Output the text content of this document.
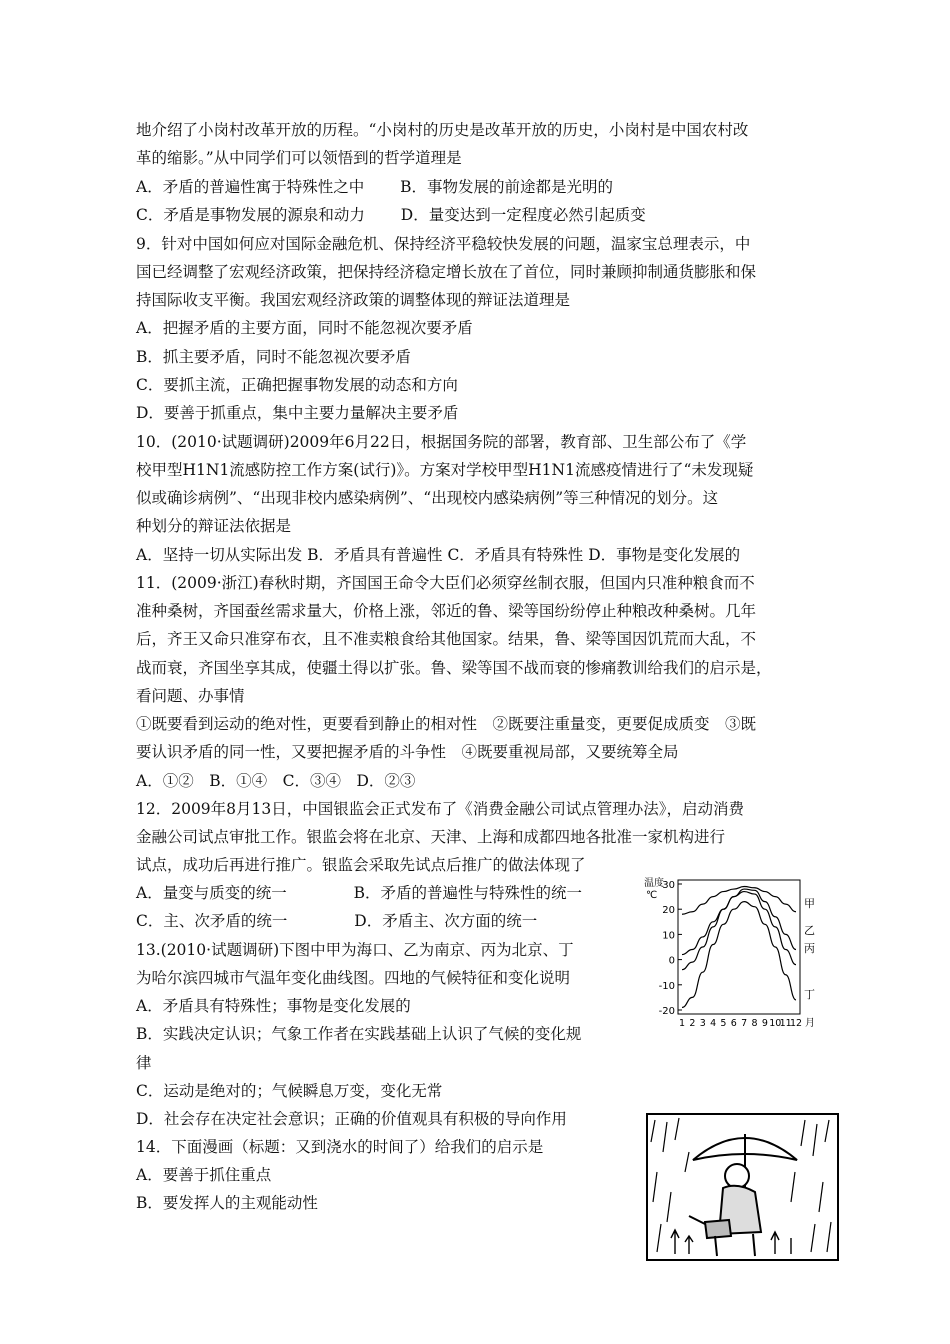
地介绍了小岗村改革开放的历程。“小岗村的历史是改革开放的历史，小岗村是中国农村改
革的缩影。”从中同学们可以领悟到的哲学道理是
A．矛盾的普遍性寓于特殊性之中　　 B．事物发展的前途都是光明的
C．矛盾是事物发展的源泉和动力　　 D．量变达到一定程度必然引起质变
9．针对中国如何应对国际金融危机、保持经济平稳较快发展的问题，温家宝总理表示，中
国已经调整了宏观经济政策，把保持经济稳定增长放在了首位，同时兼顾抑制通货膨胀和保
持国际收支平衡。我国宏观经济政策的调整体现的辩证法道理是
A．把握矛盾的主要方面，同时不能忽视次要矛盾
B．抓主要矛盾，同时不能忽视次要矛盾
C．要抓主流，正确把握事物发展的动态和方向
D．要善于抓重点，集中主要力量解决主要矛盾
10．(2010·试题调研)2009年6月22日，根据国务院的部署，教育部、卫生部公布了《学
校甲型H1N1流感防控工作方案(试行)》。方案对学校甲型H1N1流感疫情进行了“未发现疑
似或确诊病例”、“出现非校内感染病例”、“出现校内感染病例”等三种情况的划分。这
种划分的辩证法依据是
A．坚持一切从实际出发 B．矛盾具有普遍性 C．矛盾具有特殊性 D．事物是变化发展的
11．(2009·浙江)春秋时期，齐国国王命令大臣们必须穿丝制衣服，但国内只准种粮食而不
准种桑树，齐国蚕丝需求量大，价格上涨，邻近的鲁、梁等国纷纷停止种粮改种桑树。几年
后，齐王又命只准穿布衣，且不准卖粮食给其他国家。结果，鲁、梁等国因饥荒而大乱，不
战而衰，齐国坐享其成，使疆土得以扩张。鲁、梁等国不战而衰的惨痛教训给我们的启示是，
看问题、办事情
①既要看到运动的绝对性，更要看到静止的相对性　②既要注重量变，更要促成质变　③既
要认识矛盾的同一性，又要把握矛盾的斗争性　④既要重视局部，又要统筹全局
A．①②　B．①④　C．③④　D．②③
12．2009年8月13日，中国银监会正式发布了《消费金融公司试点管理办法》，启动消费
金融公司试点审批工作。银监会将在北京、天津、上海和成都四地各批准一家机构进行
试点，成功后再进行推广。银监会采取先试点后推广的做法体现了
A．量变与质变的统一　　　　 B．矛盾的普遍性与特殊性的统一
C．主、次矛盾的统一　　　　 D．矛盾主、次方面的统一
13.(2010·试题调研)下图中甲为海口、乙为南京、丙为北京、丁
为哈尔滨四城市气温年变化曲线图。四地的气候特征和变化说明
A．矛盾具有特殊性；事物是变化发展的
B．实践决定认识；气象工作者在实践基础上认识了气候的变化规
律
C．运动是绝对的；气候瞬息万变，变化无常
D．社会存在决定社会意识；正确的价值观具有积极的导向作用
14．下面漫画（标题：又到浇水的时间了）给我们的启示是
A．要善于抓住重点
B．要发挥人的主观能动性
30
20
10
0
-10
-20
1 2 3 4 5 6 7 8 9 10
11
12 月
温度
℃
甲
乙
丙
丁
